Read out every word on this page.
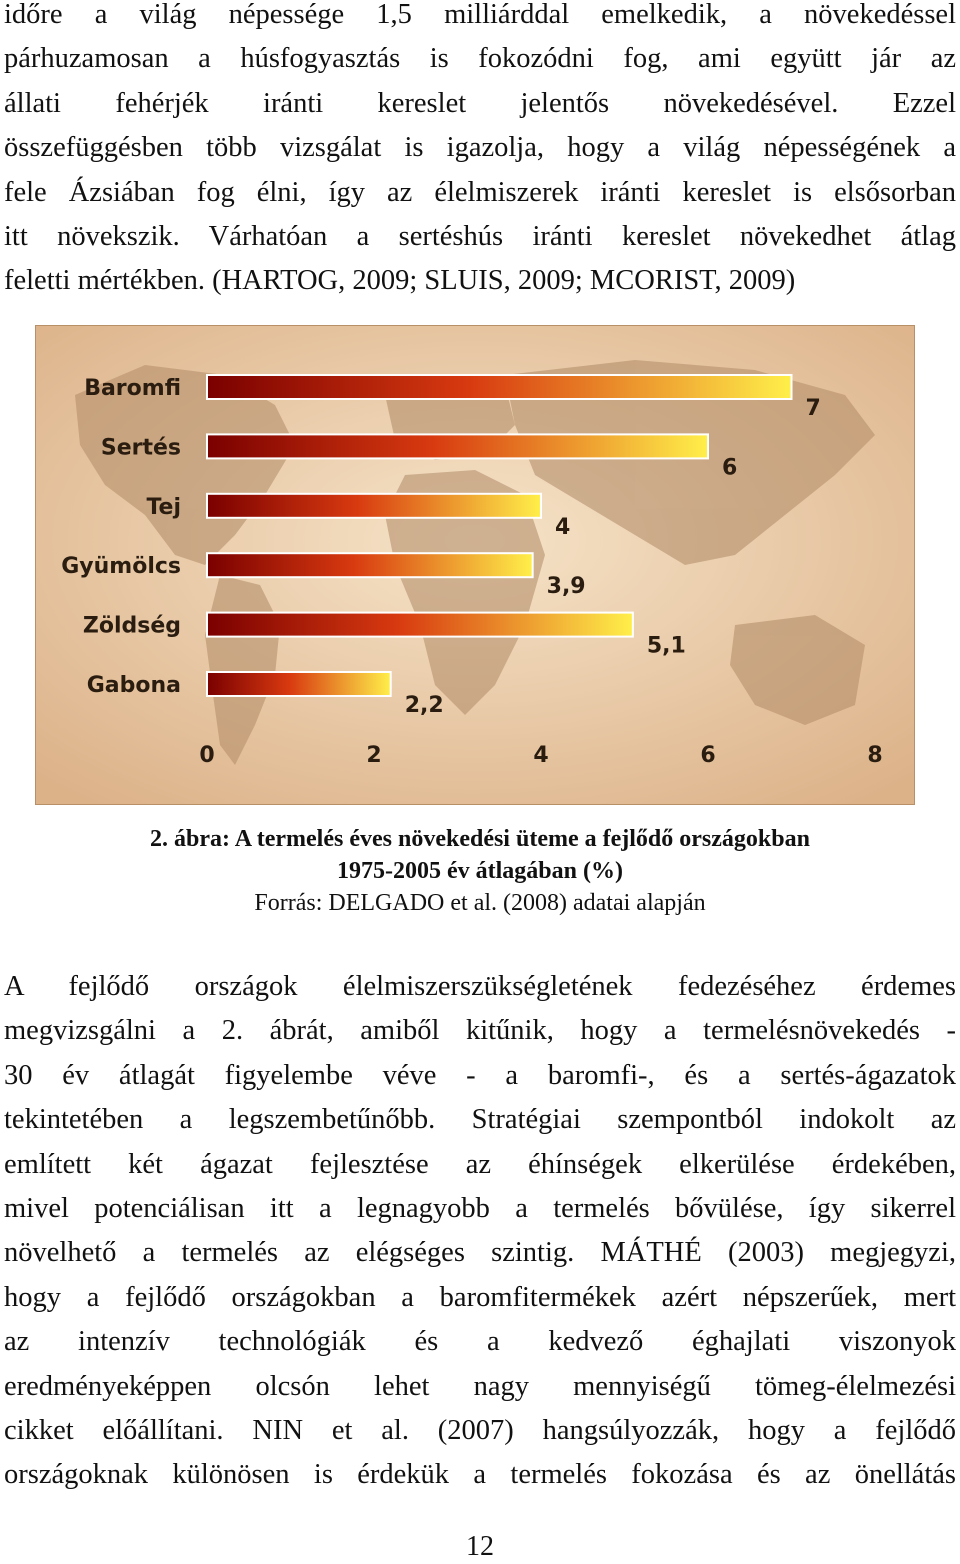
időre a világ népessége 1,5 milliárddal emelkedik, a növekedéssel
párhuzamosan a húsfogyasztás is fokozódni fog, ami együtt jár az
állati fehérjék iránti kereslet jelentős növekedésével. Ezzel
összefüggésben több vizsgálat is igazolja, hogy a világ népességének a
fele Ázsiában fog élni, így az élelmiszerek iránti kereslet is elsősorban
itt növekszik. Várhatóan a sertéshús iránti kereslet növekedhet átlag
feletti mértékben. (HARTOG, 2009; SLUIS, 2009; MCORIST, 2009)

Baromfi
7
Sertés
6
Tej
4
Gyümölcs
3,9
Zöldség
5,1
Gabona
2,2
0	2	4	6	8
2. ábra: A termelés éves növekedési üteme a fejlődő országokban
1975-2005 év átlagában (%)
Forrás: DELGADO et al. (2008) adatai alapján

A fejlődő országok élelmiszerszükségletének fedezéséhez érdemes
megvizsgálni a 2. ábrát, amiből kitűnik, hogy a termelésnövekedés -
30 év átlagát figyelembe véve - a baromfi-, és a sertés-ágazatok
tekintetében a legszembetűnőbb. Stratégiai szempontból indokolt az
említett két ágazat fejlesztése az éhínségek elkerülése érdekében,
mivel potenciálisan itt a legnagyobb a termelés bővülése, így sikerrel
növelhető a termelés az elégséges szintig. MÁTHÉ (2003) megjegyzi,
hogy a fejlődő országokban a baromfitermékek azért népszerűek, mert
az intenzív technológiák és a kedvező éghajlati viszonyok
eredményeképpen olcsón lehet nagy mennyiségű tömeg-élelmezési
cikket előállítani. NIN et al. (2007) hangsúlyozzák, hogy a fejlődő
országoknak különösen is érdekük a termelés fokozása és az önellátás

12
